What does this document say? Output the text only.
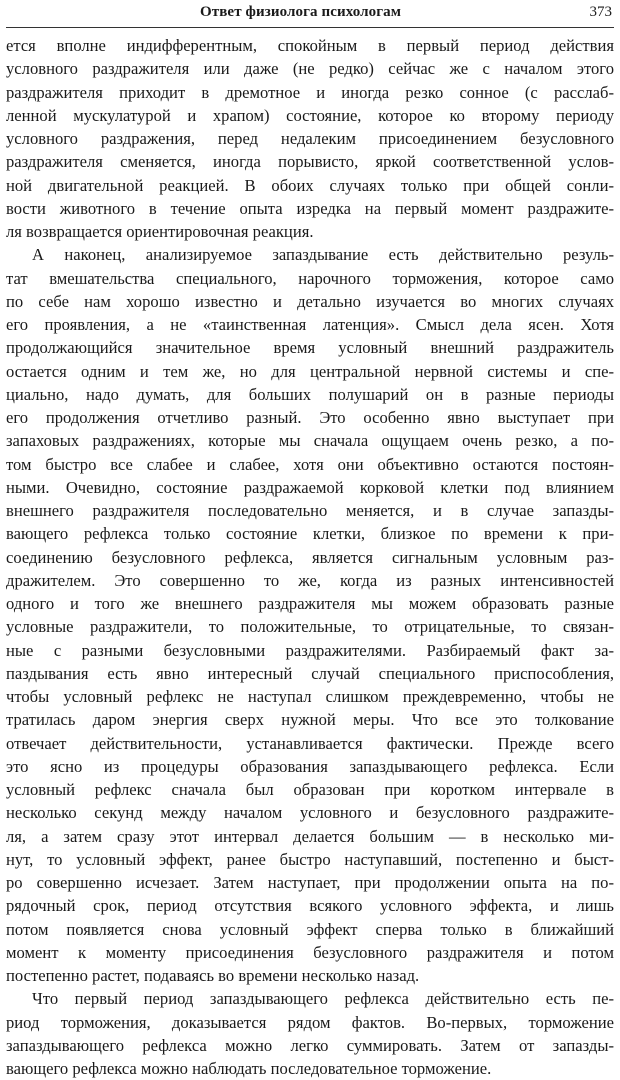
Ответ физиолога психологам	373
ется вполне индифферентным, спокойным в первый период действия
условного раздражителя или даже (не редко) сейчас же с началом этого
раздражителя приходит в дремотное и иногда резко сонное (с расслаб-
ленной мускулатурой и храпом) состояние, которое ко второму периоду
условного раздражения, перед недалеким присоединением безусловного
раздражителя сменяется, иногда порывисто, яркой соответственной услов-
ной двигательной реакцией. В обоих случаях только при общей сонли-
вости животного в течение опыта изредка на первый момент раздражите-
ля возвращается ориентировочная реакция.
А наконец, анализируемое запаздывание есть действительно резуль-
тат вмешательства специального, нарочного торможения, которое само
по себе нам хорошо известно и детально изучается во многих случаях
его проявления, а не «таинственная латенция». Смысл дела ясен. Хотя
продолжающийся значительное время условный внешний раздражитель
остается одним и тем же, но для центральной нервной системы и спе-
циально, надо думать, для больших полушарий он в разные периоды
его продолжения отчетливо разный. Это особенно явно выступает при
запаховых раздражениях, которые мы сначала ощущаем очень резко, а по-
том быстро все слабее и слабее, хотя они объективно остаются постоян-
ными. Очевидно, состояние раздражаемой корковой клетки под влиянием
внешнего раздражителя последовательно меняется, и в случае запазды-
вающего рефлекса только состояние клетки, близкое по времени к при-
соединению безусловного рефлекса, является сигнальным условным раз-
дражителем. Это совершенно то же, когда из разных интенсивностей
одного и того же внешнего раздражителя мы можем образовать разные
условные раздражители, то положительные, то отрицательные, то связан-
ные с разными безусловными раздражителями. Разбираемый факт за-
паздывания есть явно интересный случай специального приспособления,
чтобы условный рефлекс не наступал слишком преждевременно, чтобы не
тратилась даром энергия сверх нужной меры. Что все это толкование
отвечает действительности, устанавливается фактически. Прежде всего
это ясно из процедуры образования запаздывающего рефлекса. Если
условный рефлекс сначала был образован при коротком интервале в
несколько секунд между началом условного и безусловного раздражите-
ля, а затем сразу этот интервал делается большим — в несколько ми-
нут, то условный эффект, ранее быстро наступавший, постепенно и быст-
ро совершенно исчезает. Затем наступает, при продолжении опыта на по-
рядочный срок, период отсутствия всякого условного эффекта, и лишь
потом появляется снова условный эффект сперва только в ближайший
момент к моменту присоединения безусловного раздражителя и потом
постепенно растет, подаваясь во времени несколько назад.
Что первый период запаздывающего рефлекса действительно есть пе-
риод торможения, доказывается рядом фактов. Во-первых, торможение
запаздывающего рефлекса можно легко суммировать. Затем от запазды-
вающего рефлекса можно наблюдать последовательное торможение.
